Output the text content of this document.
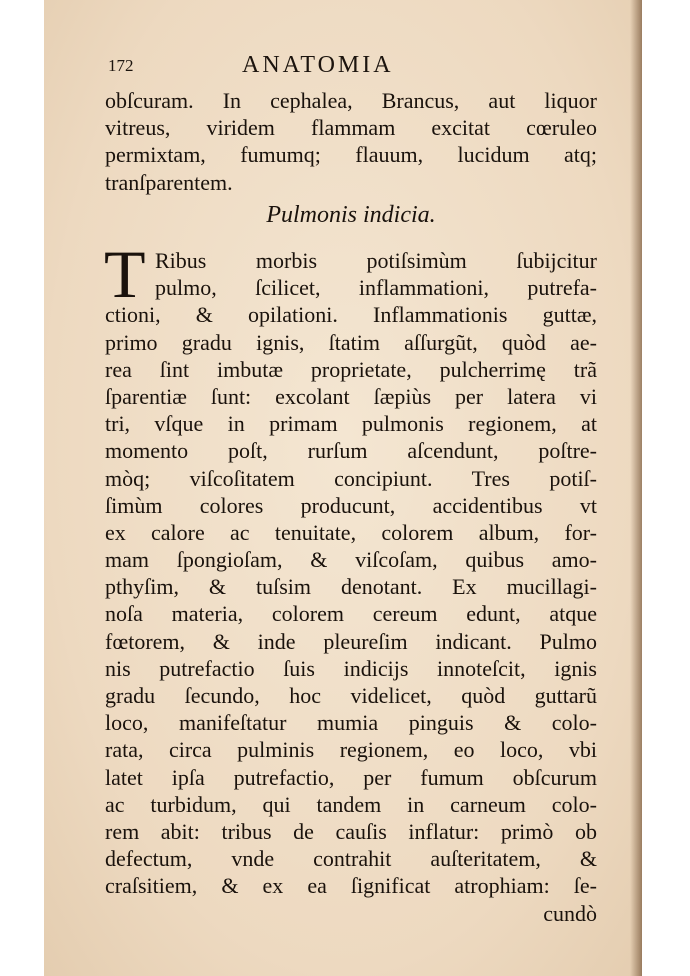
172	ANATOMIA
obſcuram. In cephalea, Brancus, aut liquor
vitreus, viridem flammam excitat cœruleo
permixtam, fumumq; flauum, lucidum atq;
tranſparentem.
Pulmonis indicia.
T Ribus morbis potiſsimùm ſubijcitur
pulmo, ſcilicet, inflammationi, putrefa-
ctioni, & opilationi. Inflammationis guttæ,
primo gradu ignis, ſtatim aſſurgũt, quòd ae-
rea ſint imbutæ proprietate, pulcherrimę trã
ſparentiæ ſunt: excolant ſæpiùs per latera vi
tri, vſque in primam pulmonis regionem, at
momento poſt, rurſum aſcendunt, poſtre-
mòq; viſcoſitatem concipiunt. Tres potiſ-
ſimùm colores producunt, accidentibus vt
ex calore ac tenuitate, colorem album, for-
mam ſpongioſam, & viſcoſam, quibus amo-
pthyſim, & tuſsim denotant. Ex mucillagi-
noſa materia, colorem cereum edunt, atque
fœtorem, & inde pleureſim indicant. Pulmo
nis putrefactio ſuis indicijs innoteſcit, ignis
gradu ſecundo, hoc videlicet, quòd guttarũ
loco, manifeſtatur mumia pinguis & colo-
rata, circa pulminis regionem, eo loco, vbi
latet ipſa putrefactio, per fumum obſcurum
ac turbidum, qui tandem in carneum colo-
rem abit: tribus de cauſis inflatur: primò ob
defectum, vnde contrahit auſteritatem, &
craſsitiem, & ex ea ſignificat atrophiam: ſe-
cundò
